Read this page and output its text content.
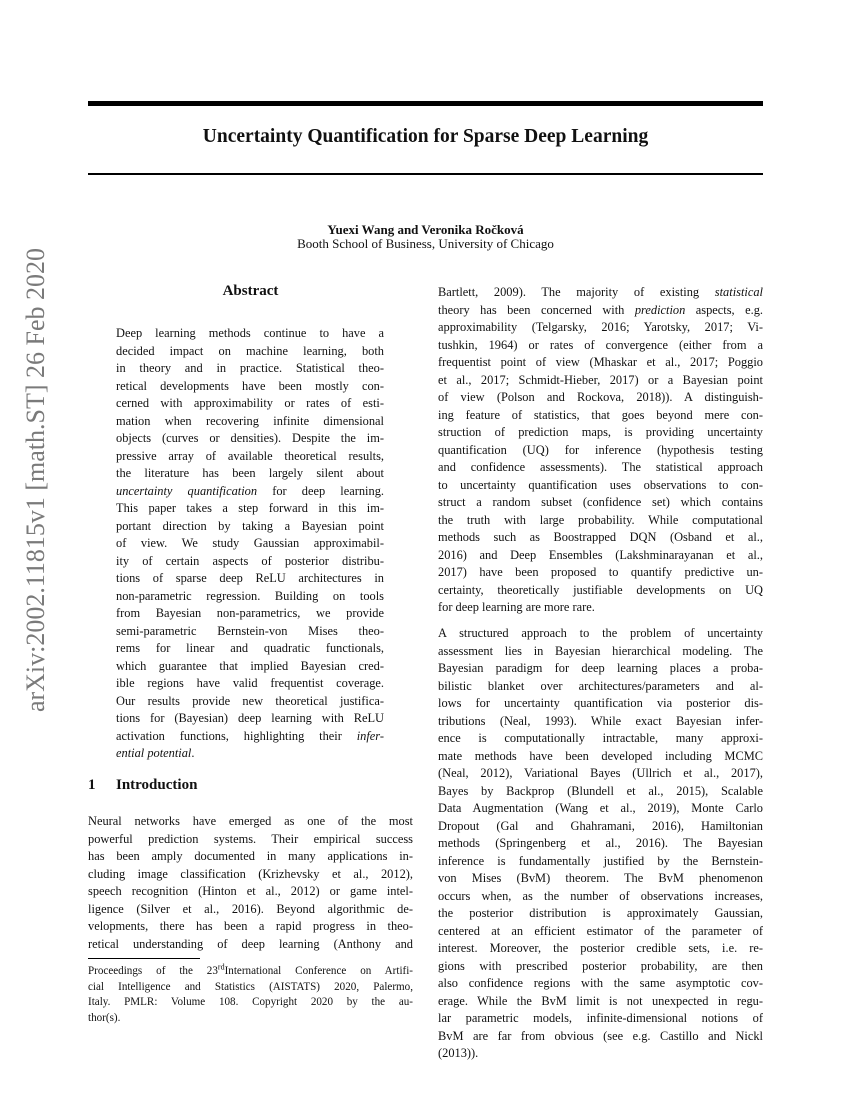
Uncertainty Quantification for Sparse Deep Learning
Yuexi Wang and Veronika Ročková
Booth School of Business, University of Chicago
arXiv:2002.11815v1 [math.ST] 26 Feb 2020	Abstract
Deep learning methods continue to have a
decided impact on machine learning, both
in theory and in practice. Statistical theo-
retical developments have been mostly con-
cerned with approximability or rates of esti-
mation when recovering infinite dimensional
objects (curves or densities). Despite the im-
pressive array of available theoretical results,
the literature has been largely silent about
uncertainty quantification for deep learning.
This paper takes a step forward in this im-
portant direction by taking a Bayesian point
of view. We study Gaussian approximabil-
ity of certain aspects of posterior distribu-
tions of sparse deep ReLU architectures in
non-parametric regression. Building on tools
from Bayesian non-parametrics, we provide
semi-parametric Bernstein-von Mises theo-
rems for linear and quadratic functionals,
which guarantee that implied Bayesian cred-
ible regions have valid frequentist coverage.
Our results provide new theoretical justifica-
tions for (Bayesian) deep learning with ReLU
activation functions, highlighting their infer-
ential potential.
1 Introduction
Neural networks have emerged as one of the most
powerful prediction systems. Their empirical success
has been amply documented in many applications in-
cluding image classification (Krizhevsky et al., 2012),
speech recognition (Hinton et al., 2012) or game intel-
ligence (Silver et al., 2016). Beyond algorithmic de-
velopments, there has been a rapid progress in theo-
retical understanding of deep learning (Anthony and
Proceedings of the 23rdInternational Conference on Artifi-
cial Intelligence and Statistics (AISTATS) 2020, Palermo,
Italy. PMLR: Volume 108. Copyright 2020 by the au-
thor(s).
Bartlett, 2009). The majority of existing statistical
theory has been concerned with prediction aspects, e.g.
approximability (Telgarsky, 2016; Yarotsky, 2017; Vi-
tushkin, 1964) or rates of convergence (either from a
frequentist point of view (Mhaskar et al., 2017; Poggio
et al., 2017; Schmidt-Hieber, 2017) or a Bayesian point
of view (Polson and Rockova, 2018)). A distinguish-
ing feature of statistics, that goes beyond mere con-
struction of prediction maps, is providing uncertainty
quantification (UQ) for inference (hypothesis testing
and confidence assessments). The statistical approach
to uncertainty quantification uses observations to con-
struct a random subset (confidence set) which contains
the truth with large probability. While computational
methods such as Boostrapped DQN (Osband et al.,
2016) and Deep Ensembles (Lakshminarayanan et al.,
2017) have been proposed to quantify predictive un-
certainty, theoretically justifiable developments on UQ
for deep learning are more rare.
A structured approach to the problem of uncertainty
assessment lies in Bayesian hierarchical modeling. The
Bayesian paradigm for deep learning places a proba-
bilistic blanket over architectures/parameters and al-
lows for uncertainty quantification via posterior dis-
tributions (Neal, 1993). While exact Bayesian infer-
ence is computationally intractable, many approxi-
mate methods have been developed including MCMC
(Neal, 2012), Variational Bayes (Ullrich et al., 2017),
Bayes by Backprop (Blundell et al., 2015), Scalable
Data Augmentation (Wang et al., 2019), Monte Carlo
Dropout (Gal and Ghahramani, 2016), Hamiltonian
methods (Springenberg et al., 2016). The Bayesian
inference is fundamentally justified by the Bernstein-
von Mises (BvM) theorem. The BvM phenomenon
occurs when, as the number of observations increases,
the posterior distribution is approximately Gaussian,
centered at an efficient estimator of the parameter of
interest. Moreover, the posterior credible sets, i.e. re-
gions with prescribed posterior probability, are then
also confidence regions with the same asymptotic cov-
erage. While the BvM limit is not unexpected in regu-
lar parametric models, infinite-dimensional notions of
BvM are far from obvious (see e.g. Castillo and Nickl
(2013)).
